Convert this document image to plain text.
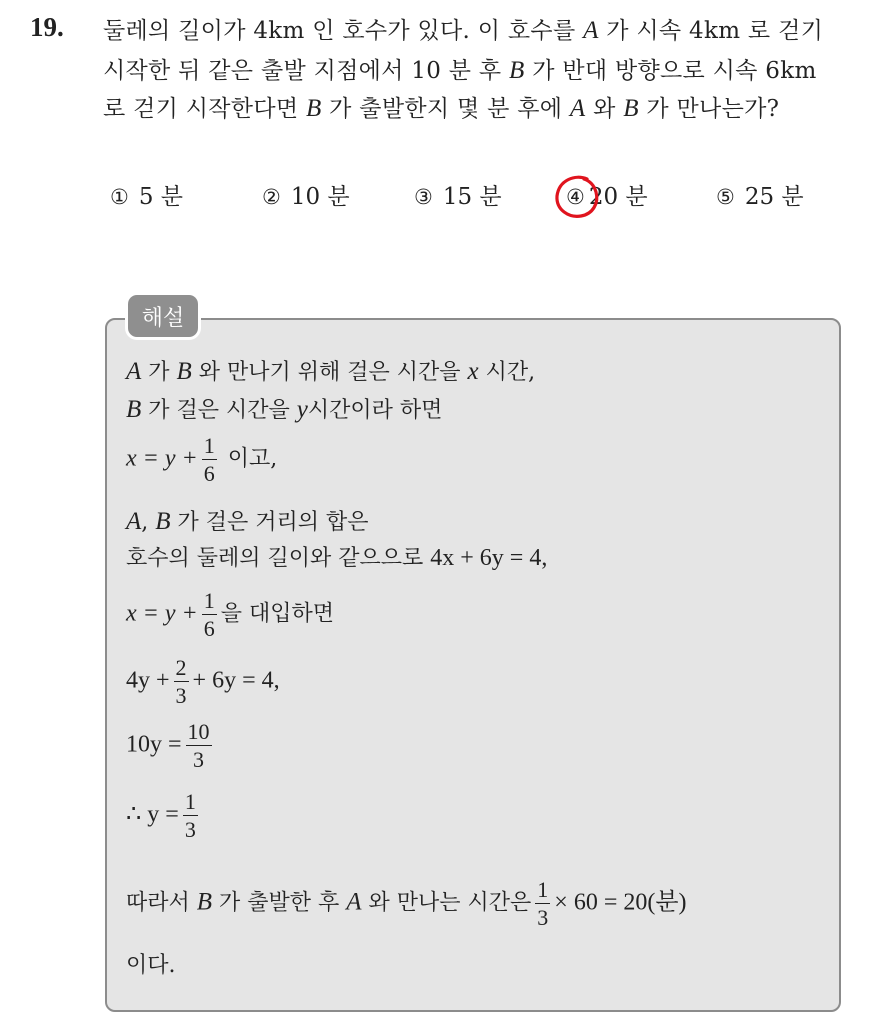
19. 둘레의 길이가 4km 인 호수가 있다. 이 호수를 A 가 시속 4km 로 걷기
시작한 뒤 같은 출발 지점에서 10 분 후 B 가 반대 방향으로 시속 6km
로 걷기 시작한다면 B 가 출발한지 몇 분 후에 A 와 B 가 만나는가?
① 5 분	② 10 분	③ 15 분	④ 20 분	⑤ 25 분
해설
A 가 B 와 만나기 위해 걸은 시간을 x 시간,
B 가 걸은 시간을 y시간이라 하면
$x = y + \frac{1}{6}$ 이고,
A, B 가 걸은 거리의 합은
호수의 둘레의 길이와 같으으로 4x + 6y = 4,
$x = y + \frac{1}{6}$ 을 대입하면
$4y + \frac{2}{3} + 6y = 4$,
$10y = \frac{10}{3}$
∴ $y = \frac{1}{3}$
따라서 B 가 출발한 후 A 와 만나는 시간은 $\frac{1}{3} \times 60 = 20$(분)
이다.
